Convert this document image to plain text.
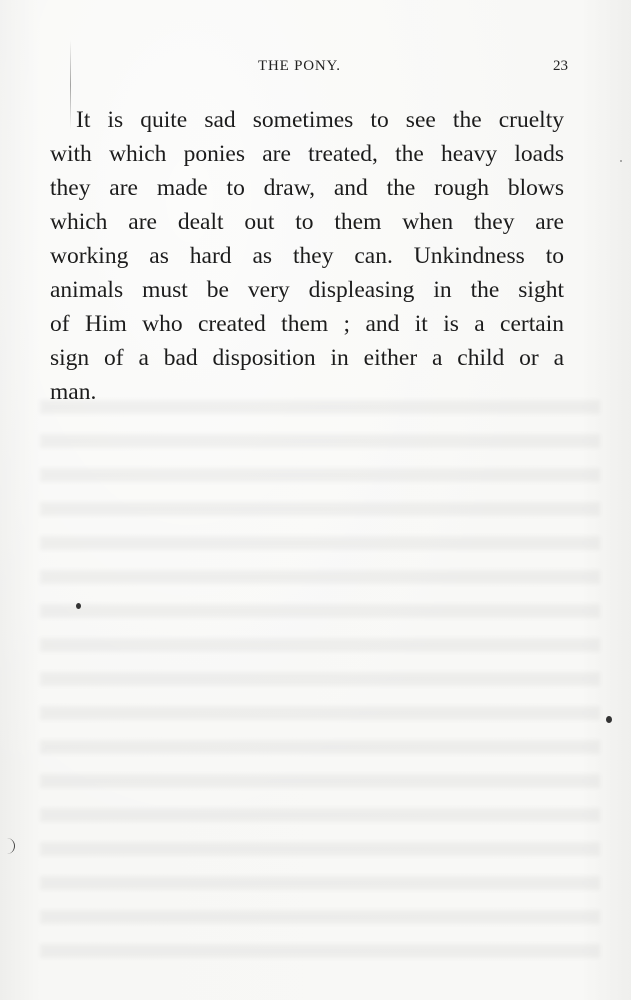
THE PONY.	23
It is quite sad sometimes to see the cruelty
with which ponies are treated, the heavy loads
they are made to draw, and the rough blows
which are dealt out to them when they are
working as hard as they can. Unkindness to
animals must be very displeasing in the sight
of Him who created them ; and it is a certain
sign of a bad disposition in either a child or a
man.
